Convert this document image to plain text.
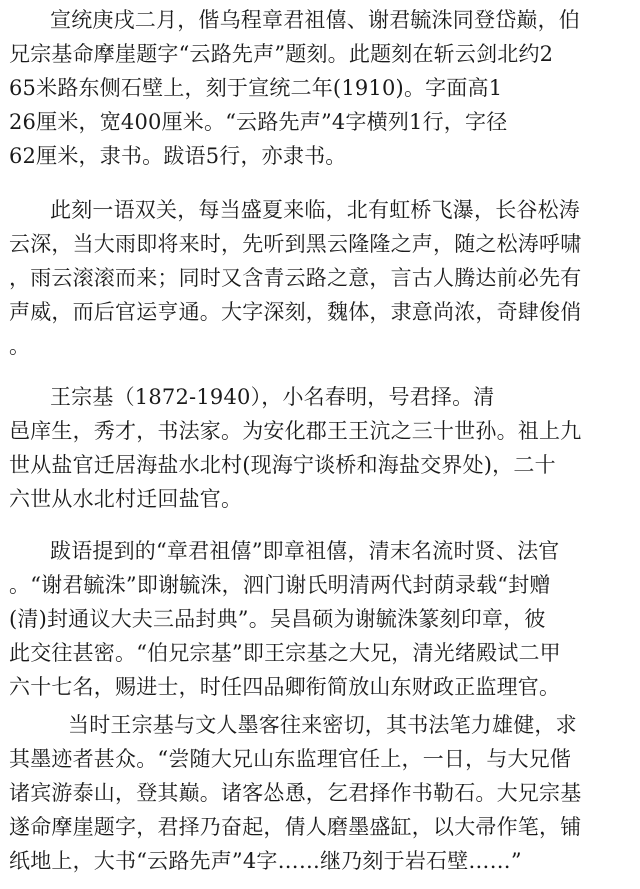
宣统庚戌二月，偕乌程章君祖僖、谢君毓洙同登岱巅，伯
兄宗基命摩崖题字“云路先声”题刻。此题刻在斩云剑北约2
65米路东侧石壁上，刻于宣统二年(1910)。字面高1
26厘米，宽400厘米。“云路先声”4字横列1行，字径
62厘米，隶书。跋语5行，亦隶书。
此刻一语双关，每当盛夏来临，北有虹桥飞瀑，长谷松涛
云深，当大雨即将来时，先听到黑云隆隆之声，随之松涛呼啸
，雨云滚滚而来；同时又含青云路之意，言古人腾达前必先有
声威，而后官运亨通。大字深刻，魏体，隶意尚浓，奇肆俊俏
。
王宗基（1872-1940），小名春明，号君择。清
邑庠生，秀才，书法家。为安化郡王王沆之三十世孙。祖上九
世从盐官迁居海盐水北村(现海宁谈桥和海盐交界处)，二十
六世从水北村迁回盐官。
跋语提到的“章君祖僖”即章祖僖，清末名流时贤、法官
。“谢君毓洙”即谢毓洙，泗门谢氏明清两代封荫录载“封赠
(清)封通议大夫三品封典”。吴昌硕为谢毓洙篆刻印章，彼
此交往甚密。“伯兄宗基”即王宗基之大兄，清光绪殿试二甲
六十七名，赐进士，时任四品卿衔简放山东财政正监理官。
当时王宗基与文人墨客往来密切，其书法笔力雄健，求
其墨迹者甚众。“尝随大兄山东监理官任上，一日，与大兄偕
诸宾游泰山，登其巅。诸客怂恿，乞君择作书勒石。大兄宗基
遂命摩崖题字，君择乃奋起，倩人磨墨盛缸，以大帚作笔，铺
纸地上，大书“云路先声”4字……继乃刻于岩石壁……”
